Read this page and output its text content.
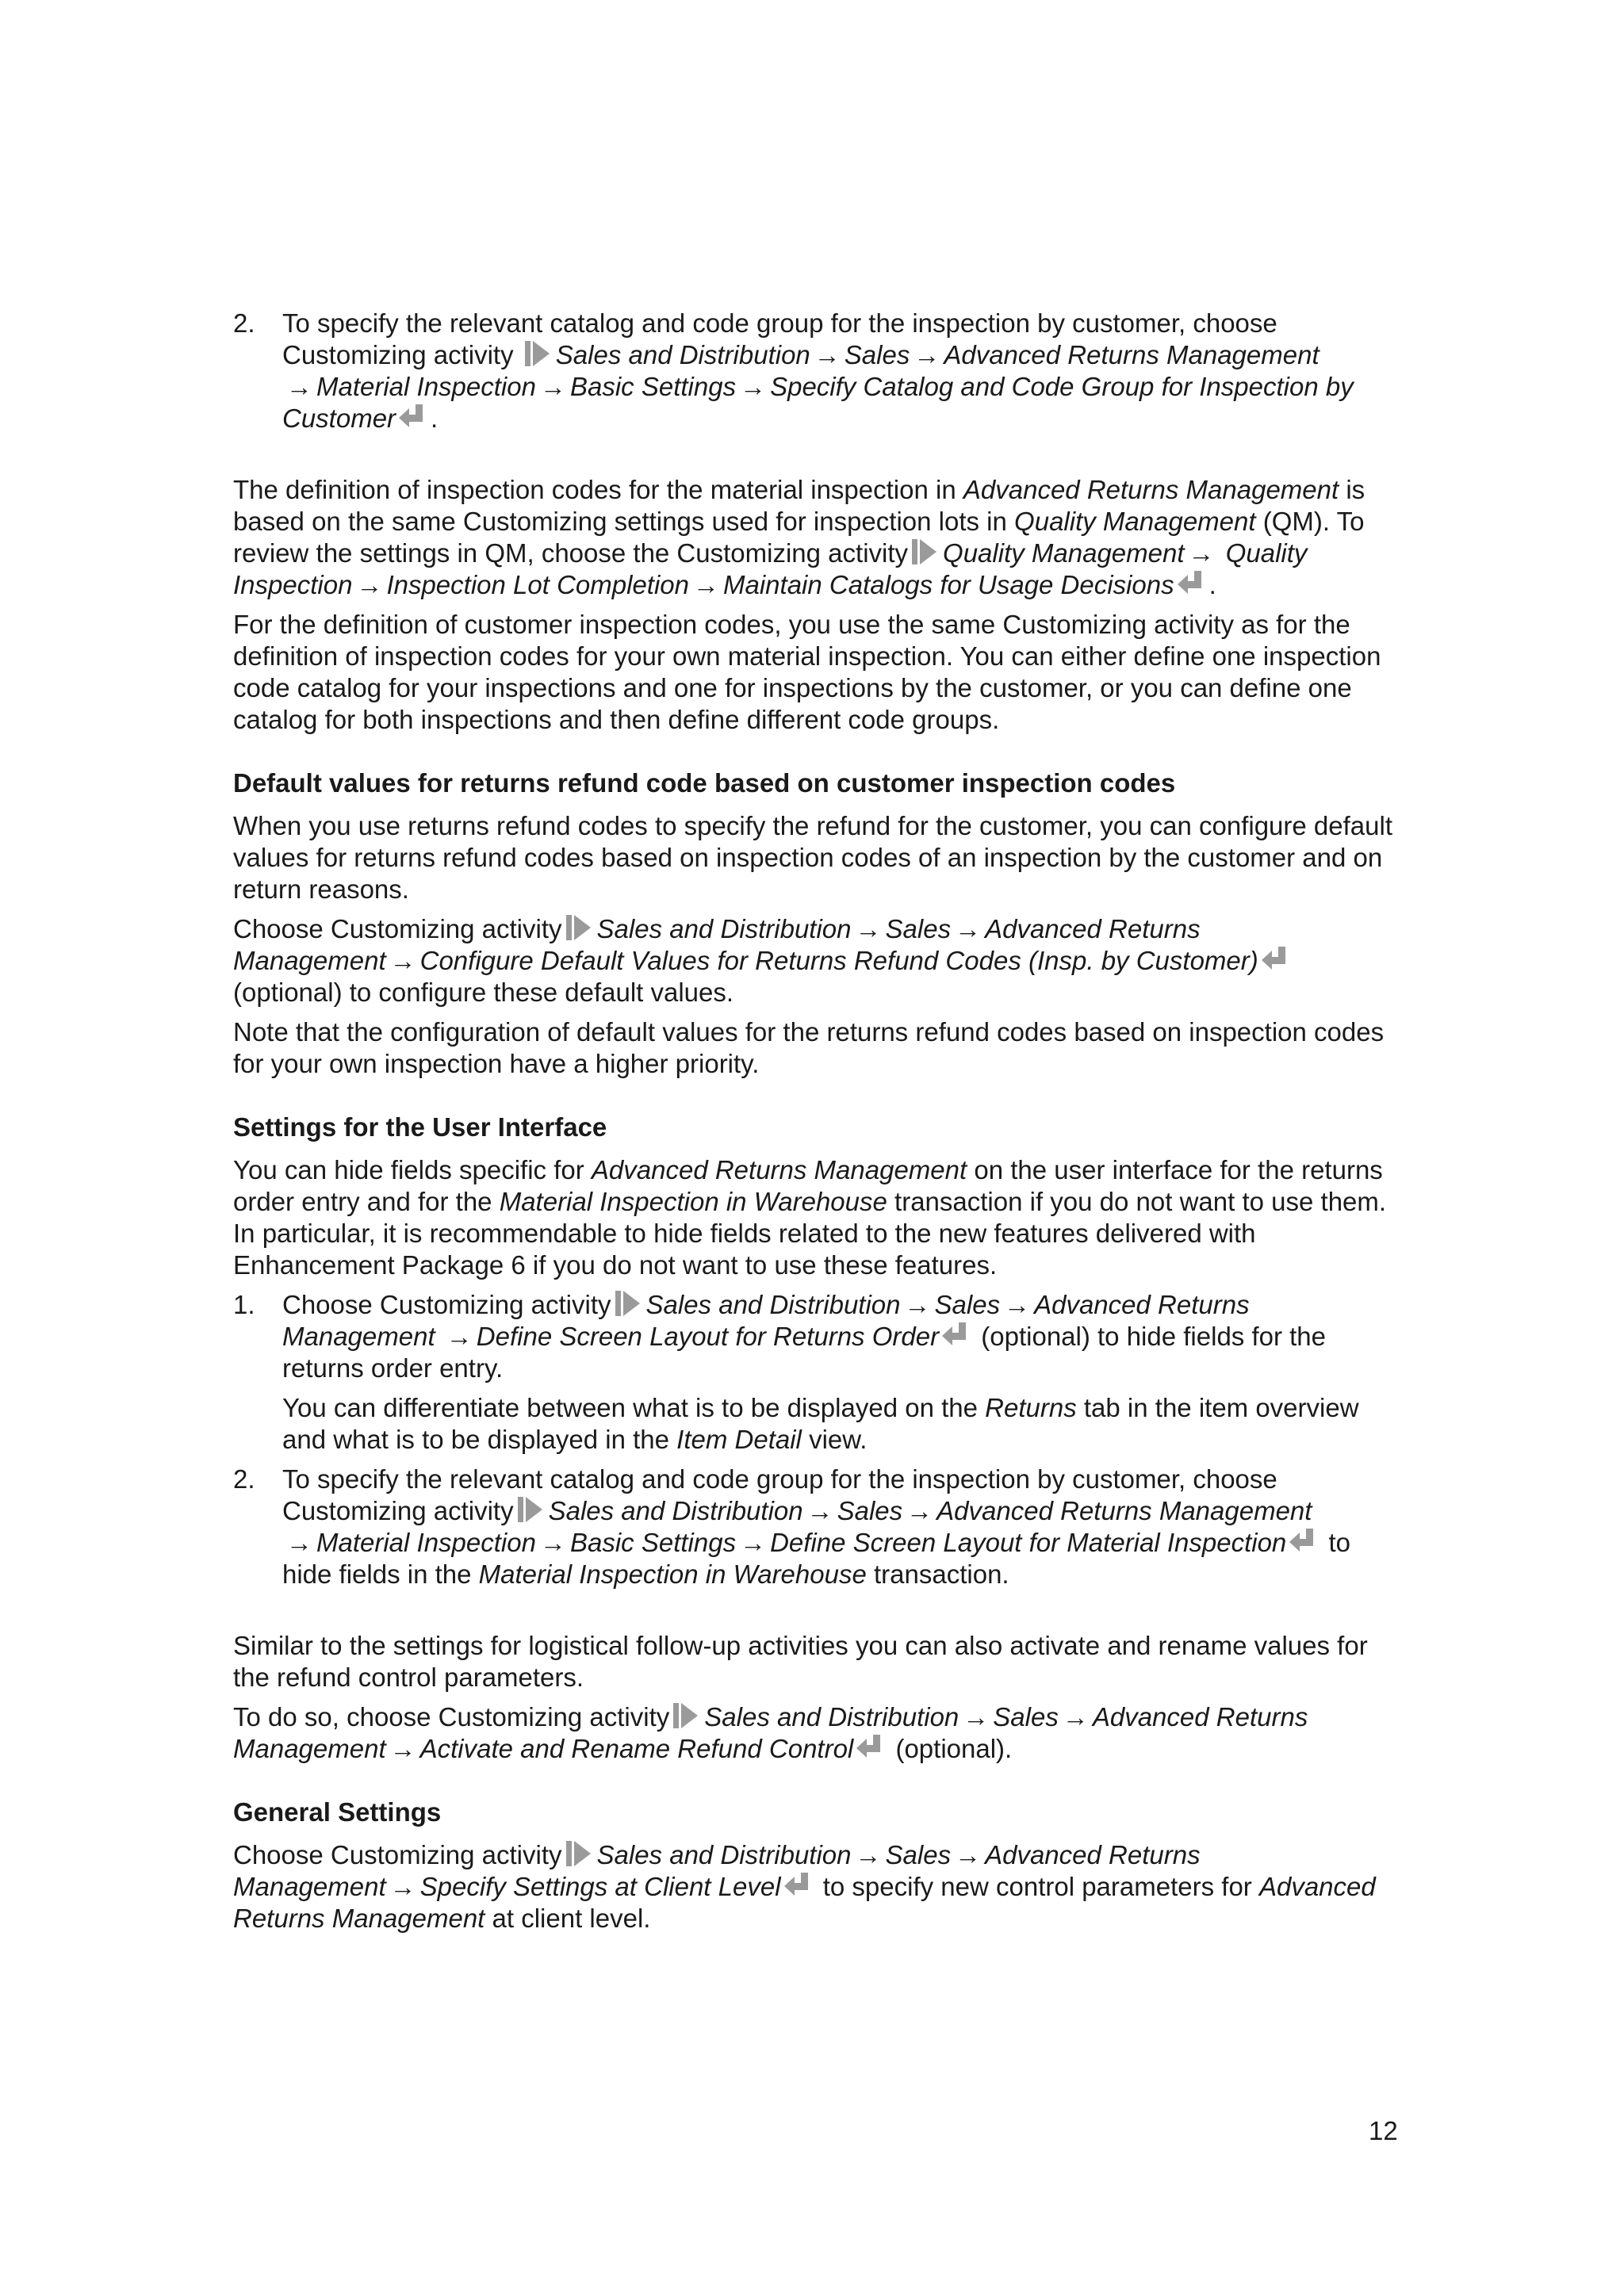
2. To specify the relevant catalog and code group for the inspection by customer, choose Customizing activity Sales and Distribution → Sales → Advanced Returns Management → Material Inspection → Basic Settings → Specify Catalog and Code Group for Inspection by Customer .

The definition of inspection codes for the material inspection in Advanced Returns Management is based on the same Customizing settings used for inspection lots in Quality Management (QM). To review the settings in QM, choose the Customizing activity Quality Management → Quality Inspection → Inspection Lot Completion → Maintain Catalogs for Usage Decisions .

For the definition of customer inspection codes, you use the same Customizing activity as for the definition of inspection codes for your own material inspection. You can either define one inspection code catalog for your inspections and one for inspections by the customer, or you can define one catalog for both inspections and then define different code groups.

Default values for returns refund code based on customer inspection codes

When you use returns refund codes to specify the refund for the customer, you can configure default values for returns refund codes based on inspection codes of an inspection by the customer and on return reasons.

Choose Customizing activity Sales and Distribution → Sales → Advanced Returns Management → Configure Default Values for Returns Refund Codes (Insp. by Customer)
(optional) to configure these default values.

Note that the configuration of default values for the returns refund codes based on inspection codes for your own inspection have a higher priority.

Settings for the User Interface

You can hide fields specific for Advanced Returns Management on the user interface for the returns order entry and for the Material Inspection in Warehouse transaction if you do not want to use them. In particular, it is recommendable to hide fields related to the new features delivered with Enhancement Package 6 if you do not want to use these features.

1. Choose Customizing activity Sales and Distribution → Sales → Advanced Returns Management → Define Screen Layout for Returns Order (optional) to hide fields for the returns order entry.

You can differentiate between what is to be displayed on the Returns tab in the item overview and what is to be displayed in the Item Detail view.

2. To specify the relevant catalog and code group for the inspection by customer, choose Customizing activity Sales and Distribution → Sales → Advanced Returns Management → Material Inspection → Basic Settings → Define Screen Layout for Material Inspection to hide fields in the Material Inspection in Warehouse transaction.

Similar to the settings for logistical follow-up activities you can also activate and rename values for the refund control parameters.

To do so, choose Customizing activity Sales and Distribution → Sales → Advanced Returns Management → Activate and Rename Refund Control (optional).

General Settings

Choose Customizing activity Sales and Distribution → Sales → Advanced Returns Management → Specify Settings at Client Level to specify new control parameters for Advanced Returns Management at client level.

12
